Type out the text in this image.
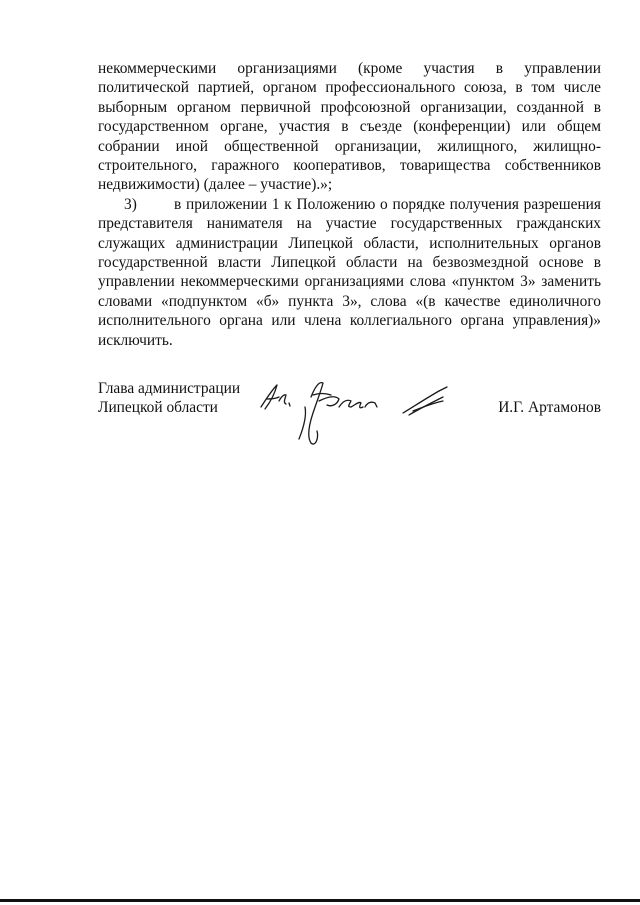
некоммерческими организациями (кроме участия в управлении политической партией, органом профессионального союза, в том числе выборным органом первичной профсоюзной организации, созданной в государственном органе, участия в съезде (конференции) или общем собрании иной общественной организации, жилищного, жилищно-строительного, гаражного кооперативов, товарищества собственников недвижимости) (далее – участие).»;

3) в приложении 1 к Положению о порядке получения разрешения представителя нанимателя на участие государственных гражданских служащих администрации Липецкой области, исполнительных органов государственной власти Липецкой области на безвозмездной основе в управлении некоммерческими организациями слова «пунктом 3» заменить словами «подпунктом «б» пункта 3», слова «(в качестве единоличного исполнительного органа или члена коллегиального органа управления)» исключить.

Глава администрации
Липецкой области	И.Г. Артамонов
